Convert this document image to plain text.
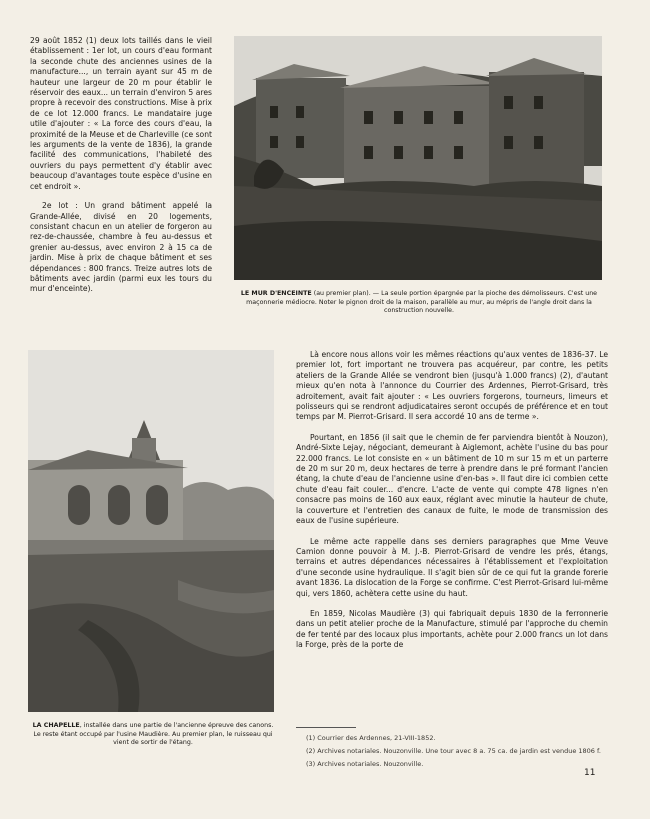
29 août 1852 (1) deux lots taillés dans le vieil établissement : 1er lot, un cours d'eau formant la seconde chute des anciennes usines de la manufacture..., un terrain ayant sur 45 m de hauteur une largeur de 20 m pour établir le réservoir des eaux... un terrain d'environ 5 ares propre à recevoir des constructions. Mise à prix de ce lot 12.000 francs. Le mandataire juge utile d'ajouter : « La force des cours d'eau, la proximité de la Meuse et de Charleville (ce sont les arguments de la vente de 1836), la grande facilité des communications, l'habileté des ouvriers du pays permettent d'y établir avec beaucoup d'avantages toute espèce d'usine en cet endroit ».

2e lot : Un grand bâtiment appelé la Grande-Allée, divisé en 20 logements, consistant chacun en un atelier de forgeron au rez-de-chaussée, chambre à feu au-dessus et grenier au-dessus, avec environ 2 à 15 ca de jardin. Mise à prix de chaque bâtiment et ses dépendances : 800 francs. Treize autres lots de bâtiments avec jardin (parmi eux les tours du mur d'enceinte).

LE MUR D'ENCEINTE (au premier plan). — La seule portion épargnée par la pioche des démolisseurs. C'est une maçonnerie médiocre. Noter le pignon droit de la maison, parallèle au mur, au mépris de l'angle droit dans la construction nouvelle.
LA CHAPELLE, installée dans une partie de l'ancienne épreuve des canons. Le reste étant occupé par l'usine Maudière. Au premier plan, le ruisseau qui vient de sortir de l'étang.

Là encore nous allons voir les mêmes réactions qu'aux ventes de 1836-37. Le premier lot, fort important ne trouvera pas acquéreur, par contre, les petits ateliers de la Grande Allée se vendront bien (jusqu'à 1.000 francs) (2), d'autant mieux qu'en nota à l'annonce du Courrier des Ardennes, Pierrot-Grisard, très adroitement, avait fait ajouter : « Les ouvriers forgerons, tourneurs, limeurs et polisseurs qui se rendront adjudicataires seront occupés de préférence et en tout temps par M. Pierrot-Grisard. Il sera accordé 10 ans de terme ».

Pourtant, en 1856 (il sait que le chemin de fer parviendra bientôt à Nouzon), André-Sixte Lejay, négociant, demeurant à Aiglemont, achète l'usine du bas pour 22.000 francs. Le lot consiste en « un bâtiment de 10 m sur 15 m et un parterre de 20 m sur 20 m, deux hectares de terre à prendre dans le pré formant l'ancien étang, la chute d'eau de l'ancienne usine d'en-bas ». Il faut dire ici combien cette chute d'eau fait couler... d'encre. L'acte de vente qui compte 478 lignes n'en consacre pas moins de 160 aux eaux, réglant avec minutie la hauteur de chute, la couverture et l'entretien des canaux de fuite, le mode de transmission des eaux de l'usine supérieure.

Le même acte rappelle dans ses derniers paragraphes que Mme Veuve Camion donne pouvoir à M. J.-B. Pierrot-Grisard de vendre les prés, étangs, terrains et autres dépendances nécessaires à l'établissement et l'exploitation d'une seconde usine hydraulique. Il s'agit bien sûr de ce qui fut la grande forerie avant 1836. La dislocation de la Forge se confirme. C'est Pierrot-Grisard lui-même qui, vers 1860, achètera cette usine du haut.

En 1859, Nicolas Maudière (3) qui fabriquait depuis 1830 de la ferronnerie dans un petit atelier proche de la Manufacture, stimulé par l'approche du chemin de fer tenté par des locaux plus importants, achète pour 2.000 francs un lot dans la Forge, près de la porte de

(1) Courrier des Ardennes, 21-VIII-1852.

(2) Archives notariales. Nouzonville. Une tour avec 8 a. 75 ca. de jardin est vendue 1806 f.

(3) Archives notariales. Nouzonville.

11
